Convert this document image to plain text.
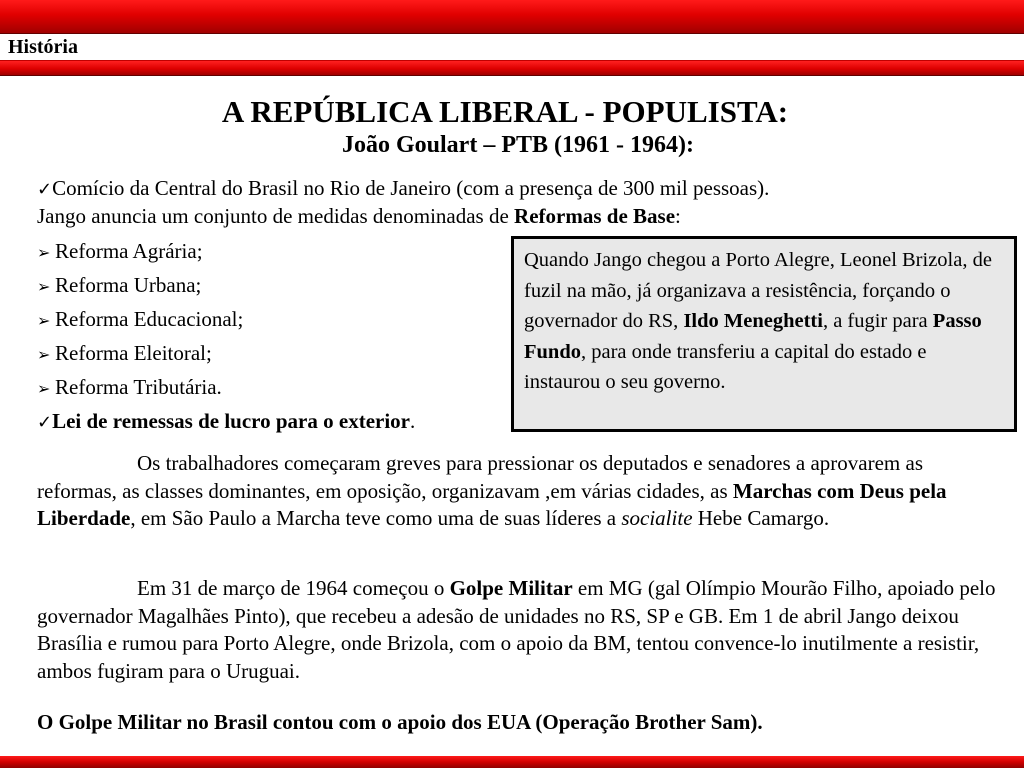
História
A REPÚBLICA LIBERAL - POPULISTA:
João Goulart – PTB (1961 - 1964):
✓Comício da Central do Brasil no Rio de Janeiro (com a presença de 300 mil pessoas).
Jango anuncia um conjunto de medidas denominadas de Reformas de Base:
➢ Reforma Agrária;
➢ Reforma Urbana;
➢ Reforma Educacional;
➢ Reforma Eleitoral;
➢ Reforma Tributária.
✓Lei de remessas de lucro para o exterior.
Quando Jango chegou a Porto Alegre, Leonel Brizola, de fuzil na mão, já organizava a resistência, forçando o governador do RS, Ildo Meneghetti, a fugir para Passo Fundo, para onde transferiu a capital do estado e instaurou o seu governo.
Os trabalhadores começaram greves para pressionar os deputados e senadores a aprovarem as reformas, as classes dominantes, em oposição, organizavam ,em várias cidades, as Marchas com Deus pela Liberdade, em São Paulo a Marcha teve como uma de suas líderes a socialite Hebe Camargo.
Em 31 de março de 1964 começou o Golpe Militar em MG (gal Olímpio Mourão Filho, apoiado pelo governador Magalhães Pinto), que recebeu a adesão de unidades no RS, SP e GB. Em 1 de abril Jango deixou Brasília e rumou para Porto Alegre, onde Brizola, com o apoio da BM, tentou convence-lo inutilmente a resistir, ambos fugiram para o Uruguai.
O Golpe Militar no Brasil contou com o apoio dos EUA (Operação Brother Sam).
